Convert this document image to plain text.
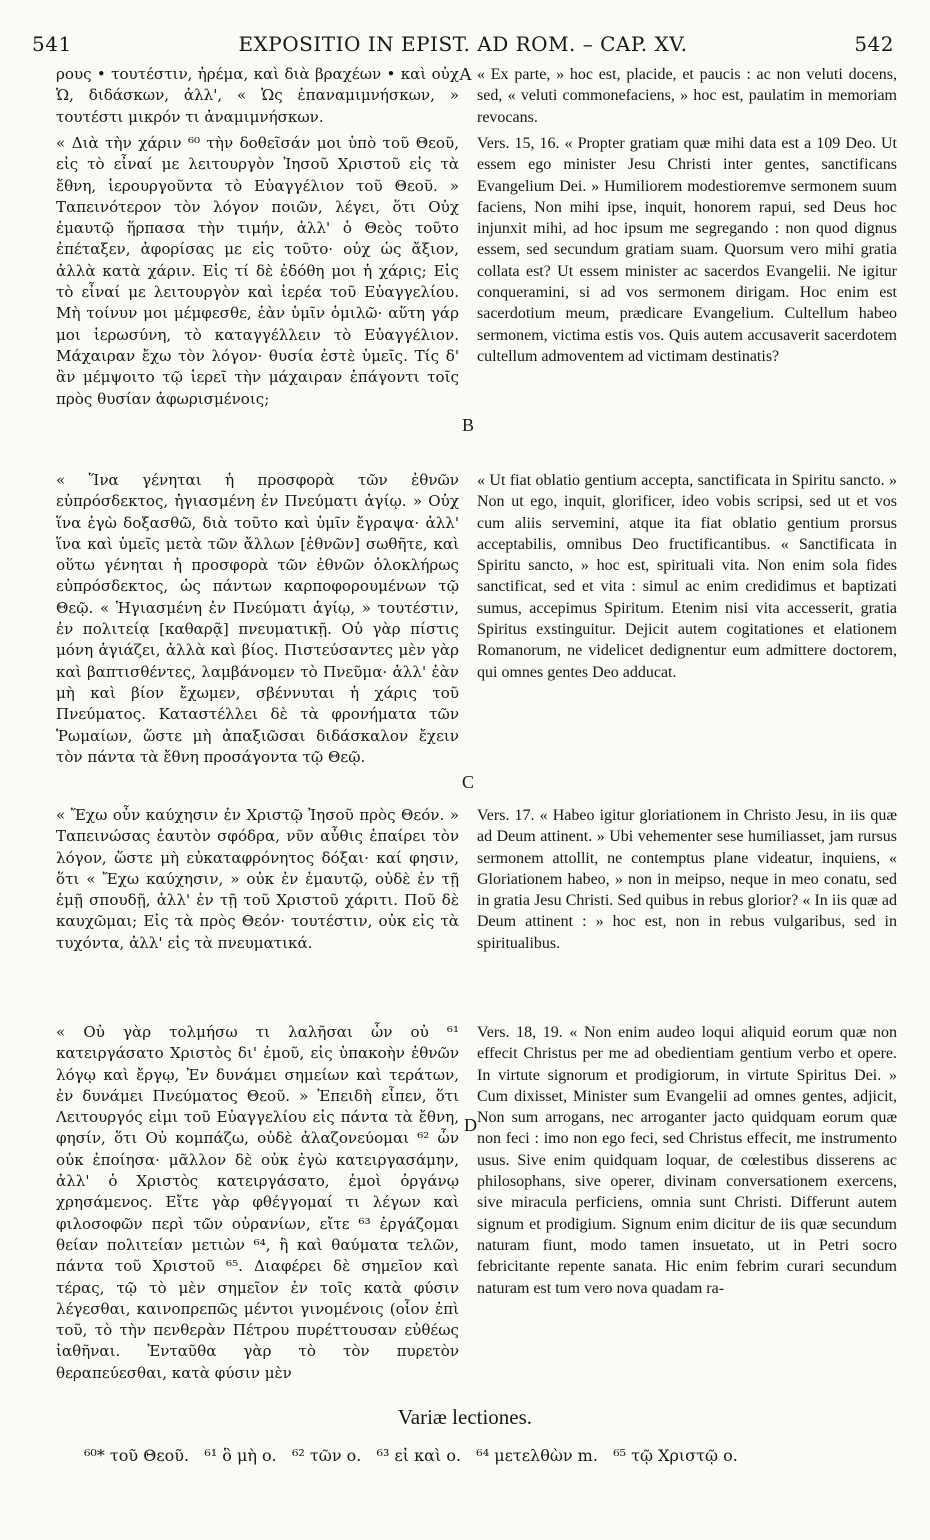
541	EXPOSITIO IN EPIST. AD ROM. – CAP. XV.	542

ρους • τουτέστιν, ἠρέμα, καὶ διὰ βραχέων • καὶ οὐχ Ὡ, διδάσκων, ἀλλ', « Ὡς ἐπαναμιμνήσκων, » τουτέστι μικρόν τι ἀναμιμνήσκων.

« Διὰ τὴν χάριν ⁶⁰ τὴν δοθεῖσάν μοι ὑπὸ τοῦ Θεοῦ, εἰς τὸ εἶναί με λειτουργὸν Ἰησοῦ Χριστοῦ εἰς τὰ ἔθνη, ἱερουργοῦντα τὸ Εὐαγγέλιον τοῦ Θεοῦ. » Ταπεινότερον τὸν λόγον ποιῶν, λέγει, ὅτι Οὐχ ἐμαυτῷ ἥρπασα τὴν τιμήν, ἀλλ' ὁ Θεὸς τοῦτο ἐπέταξεν, ἀφορίσας με εἰς τοῦτο· οὐχ ὡς ἄξιον, ἀλλὰ κατὰ χάριν. Εἰς τί δὲ ἐδόθη μοι ἡ χάρις; Εἰς τὸ εἶναί με λειτουργὸν καὶ ἱερέα τοῦ Εὐαγγελίου. Μὴ τοίνυν μοι μέμφεσθε, ἐὰν ὑμῖν ὁμιλῶ· αὕτη γάρ μοι ἱερωσύνη, τὸ καταγγέλλειν τὸ Εὐαγγέλιον. Μάχαιραν ἔχω τὸν λόγον· θυσία ἐστὲ ὑμεῖς. Τίς δ' ἂν μέμψοιτο τῷ ἱερεῖ τὴν μάχαιραν ἐπάγοντι τοῖς πρὸς θυσίαν ἀφωρισμένοις;

« Ἵνα γένηται ἡ προσφορὰ τῶν ἐθνῶν εὐπρόσδεκτος, ἡγιασμένη ἐν Πνεύματι ἁγίῳ. » Οὐχ ἵνα ἐγὼ δοξασθῶ, διὰ τοῦτο καὶ ὑμῖν ἔγραψα· ἀλλ' ἵνα καὶ ὑμεῖς μετὰ τῶν ἄλλων [ἐθνῶν] σωθῆτε, καὶ οὕτω γένηται ἡ προσφορὰ τῶν ἐθνῶν ὁλοκλήρως εὐπρόσδεκτος, ὡς πάντων καρποφορουμένων τῷ Θεῷ. « Ἡγιασμένη ἐν Πνεύματι ἁγίῳ, » τουτέστιν, ἐν πολιτείᾳ [καθαρᾷ] πνευματικῇ. Οὐ γὰρ πίστις μόνη ἁγιάζει, ἀλλὰ καὶ βίος. Πιστεύσαντες μὲν γὰρ καὶ βαπτισθέντες, λαμβάνομεν τὸ Πνεῦμα· ἀλλ' ἐὰν μὴ καὶ βίον ἔχωμεν, σβέννυται ἡ χάρις τοῦ Πνεύματος. Καταστέλλει δὲ τὰ φρονήματα τῶν Ῥωμαίων, ὥστε μὴ ἀπαξιῶσαι διδάσκαλον ἔχειν τὸν πάντα τὰ ἔθνη προσάγοντα τῷ Θεῷ.

« Ἔχω οὖν καύχησιν ἐν Χριστῷ Ἰησοῦ πρὸς Θεόν. » Ταπεινώσας ἑαυτὸν σφόδρα, νῦν αὖθις ἐπαίρει τὸν λόγον, ὥστε μὴ εὐκαταφρόνητος δόξαι· καί φησιν, ὅτι « Ἔχω καύχησιν, » οὐκ ἐν ἐμαυτῷ, οὐδὲ ἐν τῇ ἐμῇ σπουδῇ, ἀλλ' ἐν τῇ τοῦ Χριστοῦ χάριτι. Ποῦ δὲ καυχῶμαι; Εἰς τὰ πρὸς Θεόν· τουτέστιν, οὐκ εἰς τὰ τυχόντα, ἀλλ' εἰς τὰ πνευματικά.

« Οὐ γὰρ τολμήσω τι λαλῆσαι ὧν οὐ ⁶¹ κατειργάσατο Χριστὸς δι' ἐμοῦ, εἰς ὑπακοὴν ἐθνῶν λόγῳ καὶ ἔργῳ, Ἐν δυνάμει σημείων καὶ τεράτων, ἐν δυνάμει Πνεύματος Θεοῦ. » Ἐπειδὴ εἶπεν, ὅτι Λειτουργός εἰμι τοῦ Εὐαγγελίου εἰς πάντα τὰ ἔθνη, φησίν, ὅτι Οὐ κομπάζω, οὐδὲ ἀλαζονεύομαι ⁶² ὧν οὐκ ἐποίησα· μᾶλλον δὲ οὐκ ἐγὼ κατειργασάμην, ἀλλ' ὁ Χριστὸς κατειργάσατο, ἐμοὶ ὀργάνῳ χρησάμενος. Εἴτε γὰρ φθέγγομαί τι λέγων καὶ φιλοσοφῶν περὶ τῶν οὐρανίων, εἴτε ⁶³ ἐργάζομαι θείαν πολιτείαν μετιὼν ⁶⁴, ἢ καὶ θαύματα τελῶν, πάντα τοῦ Χριστοῦ ⁶⁵. Διαφέρει δὲ σημεῖον καὶ τέρας, τῷ τὸ μὲν σημεῖον ἐν τοῖς κατὰ φύσιν λέγεσθαι, καινοπρεπῶς μέντοι γινομένοις (οἷον ἐπὶ τοῦ, τὸ τὴν πενθερὰν Πέτρου πυρέττουσαν εὐθέως ἰαθῆναι. Ἐνταῦθα γὰρ τὸ τὸν πυρετὸν θεραπεύεσθαι, κατὰ φύσιν μὲν

A
B
C
D

« Ex parte, » hoc est, placide, et paucis : ac non veluti docens, sed, « veluti commonefaciens, » hoc est, paulatim in memoriam revocans.

Vers. 15, 16. « Propter gratiam quæ mihi data est a 109 Deo. Ut essem ego minister Jesu Christi inter gentes, sanctificans Evangelium Dei. » Humiliorem modestioremve sermonem suum faciens, Non mihi ipse, inquit, honorem rapui, sed Deus hoc injunxit mihi, ad hoc ipsum me segregando : non quod dignus essem, sed secundum gratiam suam. Quorsum vero mihi gratia collata est? Ut essem minister ac sacerdos Evangelii. Ne igitur conqueramini, si ad vos sermonem dirigam. Hoc enim est sacerdotium meum, prædicare Evangelium. Cultellum habeo sermonem, victima estis vos. Quis autem accusaverit sacerdotem cultellum admoventem ad victimam destinatis?

« Ut fiat oblatio gentium accepta, sanctificata in Spiritu sancto. » Non ut ego, inquit, glorificer, ideo vobis scripsi, sed ut et vos cum aliis servemini, atque ita fiat oblatio gentium prorsus acceptabilis, omnibus Deo fructificantibus. « Sanctificata in Spiritu sancto, » hoc est, spirituali vita. Non enim sola fides sanctificat, sed et vita : simul ac enim credidimus et baptizati sumus, accepimus Spiritum. Etenim nisi vita accesserit, gratia Spiritus exstinguitur. Dejicit autem cogitationes et elationem Romanorum, ne videlicet dedignentur eum admittere doctorem, qui omnes gentes Deo adducat.

Vers. 17. « Habeo igitur gloriationem in Christo Jesu, in iis quæ ad Deum attinent. » Ubi vehementer sese humiliasset, jam rursus sermonem attollit, ne contemptus plane videatur, inquiens, « Gloriationem habeo, » non in meipso, neque in meo conatu, sed in gratia Jesu Christi. Sed quibus in rebus glorior? « In iis quæ ad Deum attinent : » hoc est, non in rebus vulgaribus, sed in spiritualibus.

Vers. 18, 19. « Non enim audeo loqui aliquid eorum quæ non effecit Christus per me ad obedientiam gentium verbo et opere. In virtute signorum et prodigiorum, in virtute Spiritus Dei. » Cum dixisset, Minister sum Evangelii ad omnes gentes, adjicit, Non sum arrogans, nec arroganter jacto quidquam eorum quæ non feci : imo non ego feci, sed Christus effecit, me instrumento usus. Sive enim quidquam loquar, de cœlestibus disserens ac philosophans, sive operer, divinam conversationem exercens, sive miracula perficiens, omnia sunt Christi. Differunt autem signum et prodigium. Signum enim dicitur de iis quæ secundum naturam fiunt, modo tamen insuetato, ut in Petri socro febricitante repente sanata. Hic enim febrim curari secundum naturam est tum vero nova quadam ra-

Variæ lectiones.
⁶⁰* τοῦ Θεοῦ.   ⁶¹ ὃ μὴ ο.   ⁶² τῶν ο.   ⁶³ εἰ καὶ ο.   ⁶⁴ μετελθὼν m.   ⁶⁵ τῷ Χριστῷ ο.
